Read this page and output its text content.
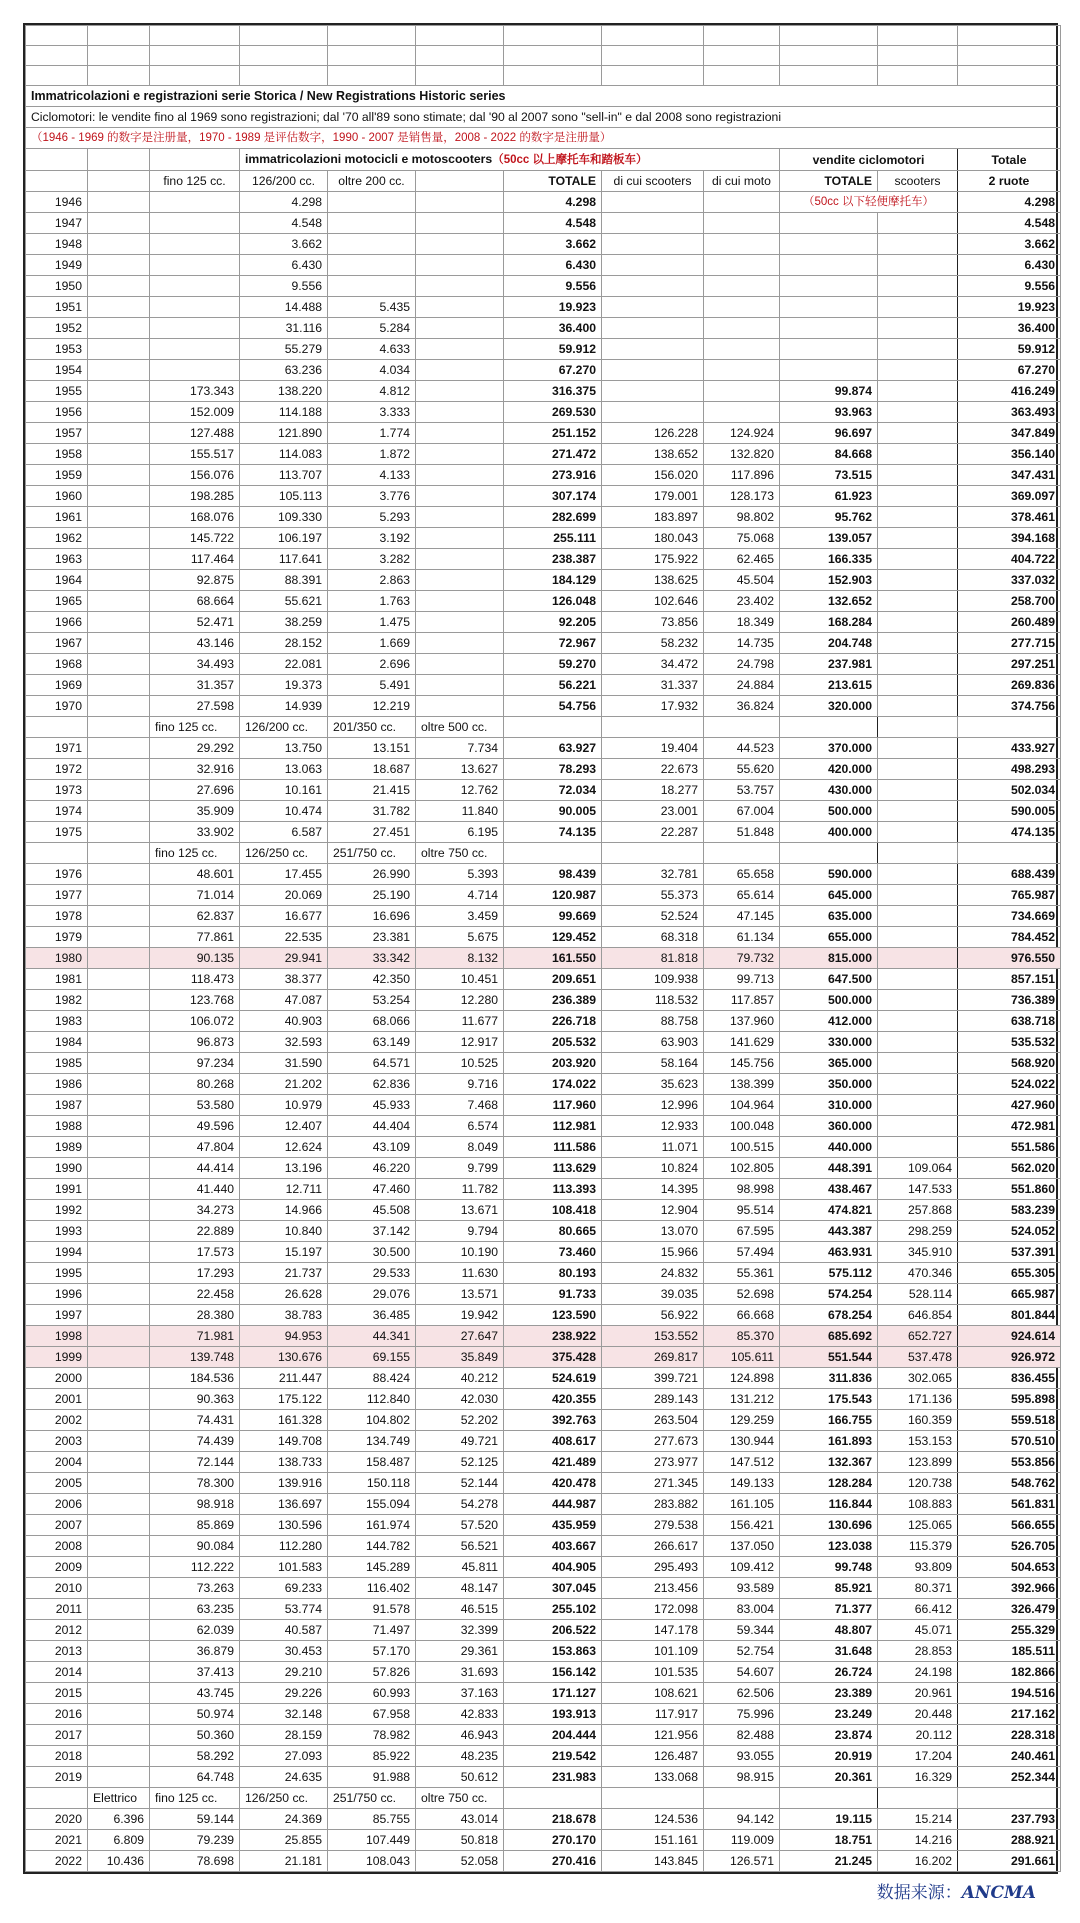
Immatricolazioni e registrazioni serie Storica / New Registrations Historic series											
Ciclomotori: le vendite fino al 1969 sono registrazioni; dal '70 all'89 sono stimate; dal '90 al 2007 sono "sell-in" e dal 2008 sono registrazioni											
（1946 - 1969 的数字是注册量，1970 - 1989 是评估数字，1990 - 2007 是销售量，2008 - 2022 的数字是注册量）											
			immatricolazioni motocicli e motoscooters（50cc 以上摩托车和踏板车）						vendite ciclomotori		Totale
		fino 125 cc.	126/200 cc.	oltre 200 cc.		TOTALE	di cui scooters	di cui moto	TOTALE	scooters	2 ruote
1946			4.298			4.298			（50cc 以下轻便摩托车）		4.298
1947			4.548			4.548					4.548
1948			3.662			3.662					3.662
1949			6.430			6.430					6.430
1950			9.556			9.556					9.556
1951			14.488	5.435		19.923					19.923
1952			31.116	5.284		36.400					36.400
1953			55.279	4.633		59.912					59.912
1954			63.236	4.034		67.270					67.270
1955		173.343	138.220	4.812		316.375			99.874		416.249
1956		152.009	114.188	3.333		269.530			93.963		363.493
1957		127.488	121.890	1.774		251.152	126.228	124.924	96.697		347.849
1958		155.517	114.083	1.872		271.472	138.652	132.820	84.668		356.140
1959		156.076	113.707	4.133		273.916	156.020	117.896	73.515		347.431
1960		198.285	105.113	3.776		307.174	179.001	128.173	61.923		369.097
1961		168.076	109.330	5.293		282.699	183.897	98.802	95.762		378.461
1962		145.722	106.197	3.192		255.111	180.043	75.068	139.057		394.168
1963		117.464	117.641	3.282		238.387	175.922	62.465	166.335		404.722
1964		92.875	88.391	2.863		184.129	138.625	45.504	152.903		337.032
1965		68.664	55.621	1.763		126.048	102.646	23.402	132.652		258.700
1966		52.471	38.259	1.475		92.205	73.856	18.349	168.284		260.489
1967		43.146	28.152	1.669		72.967	58.232	14.735	204.748		277.715
1968		34.493	22.081	2.696		59.270	34.472	24.798	237.981		297.251
1969		31.357	19.373	5.491		56.221	31.337	24.884	213.615		269.836
1970		27.598	14.939	12.219		54.756	17.932	36.824	320.000		374.756
		fino 125 cc.	126/200 cc.	201/350 cc.	oltre 500 cc.						
1971		29.292	13.750	13.151	7.734	63.927	19.404	44.523	370.000		433.927
1972		32.916	13.063	18.687	13.627	78.293	22.673	55.620	420.000		498.293
1973		27.696	10.161	21.415	12.762	72.034	18.277	53.757	430.000		502.034
1974		35.909	10.474	31.782	11.840	90.005	23.001	67.004	500.000		590.005
1975		33.902	6.587	27.451	6.195	74.135	22.287	51.848	400.000		474.135
		fino 125 cc.	126/250 cc.	251/750 cc.	oltre 750 cc.						
1976		48.601	17.455	26.990	5.393	98.439	32.781	65.658	590.000		688.439
1977		71.014	20.069	25.190	4.714	120.987	55.373	65.614	645.000		765.987
1978		62.837	16.677	16.696	3.459	99.669	52.524	47.145	635.000		734.669
1979		77.861	22.535	23.381	5.675	129.452	68.318	61.134	655.000		784.452
1980		90.135	29.941	33.342	8.132	161.550	81.818	79.732	815.000		976.550
1981		118.473	38.377	42.350	10.451	209.651	109.938	99.713	647.500		857.151
1982		123.768	47.087	53.254	12.280	236.389	118.532	117.857	500.000		736.389
1983		106.072	40.903	68.066	11.677	226.718	88.758	137.960	412.000		638.718
1984		96.873	32.593	63.149	12.917	205.532	63.903	141.629	330.000		535.532
1985		97.234	31.590	64.571	10.525	203.920	58.164	145.756	365.000		568.920
1986		80.268	21.202	62.836	9.716	174.022	35.623	138.399	350.000		524.022
1987		53.580	10.979	45.933	7.468	117.960	12.996	104.964	310.000		427.960
1988		49.596	12.407	44.404	6.574	112.981	12.933	100.048	360.000		472.981
1989		47.804	12.624	43.109	8.049	111.586	11.071	100.515	440.000		551.586
1990		44.414	13.196	46.220	9.799	113.629	10.824	102.805	448.391	109.064	562.020
1991		41.440	12.711	47.460	11.782	113.393	14.395	98.998	438.467	147.533	551.860
1992		34.273	14.966	45.508	13.671	108.418	12.904	95.514	474.821	257.868	583.239
1993		22.889	10.840	37.142	9.794	80.665	13.070	67.595	443.387	298.259	524.052
1994		17.573	15.197	30.500	10.190	73.460	15.966	57.494	463.931	345.910	537.391
1995		17.293	21.737	29.533	11.630	80.193	24.832	55.361	575.112	470.346	655.305
1996		22.458	26.628	29.076	13.571	91.733	39.035	52.698	574.254	528.114	665.987
1997		28.380	38.783	36.485	19.942	123.590	56.922	66.668	678.254	646.854	801.844
1998		71.981	94.953	44.341	27.647	238.922	153.552	85.370	685.692	652.727	924.614
1999		139.748	130.676	69.155	35.849	375.428	269.817	105.611	551.544	537.478	926.972
2000		184.536	211.447	88.424	40.212	524.619	399.721	124.898	311.836	302.065	836.455
2001		90.363	175.122	112.840	42.030	420.355	289.143	131.212	175.543	171.136	595.898
2002		74.431	161.328	104.802	52.202	392.763	263.504	129.259	166.755	160.359	559.518
2003		74.439	149.708	134.749	49.721	408.617	277.673	130.944	161.893	153.153	570.510
2004		72.144	138.733	158.487	52.125	421.489	273.977	147.512	132.367	123.899	553.856
2005		78.300	139.916	150.118	52.144	420.478	271.345	149.133	128.284	120.738	548.762
2006		98.918	136.697	155.094	54.278	444.987	283.882	161.105	116.844	108.883	561.831
2007		85.869	130.596	161.974	57.520	435.959	279.538	156.421	130.696	125.065	566.655
2008		90.084	112.280	144.782	56.521	403.667	266.617	137.050	123.038	115.379	526.705
2009		112.222	101.583	145.289	45.811	404.905	295.493	109.412	99.748	93.809	504.653
2010		73.263	69.233	116.402	48.147	307.045	213.456	93.589	85.921	80.371	392.966
2011		63.235	53.774	91.578	46.515	255.102	172.098	83.004	71.377	66.412	326.479
2012		62.039	40.587	71.497	32.399	206.522	147.178	59.344	48.807	45.071	255.329
2013		36.879	30.453	57.170	29.361	153.863	101.109	52.754	31.648	28.853	185.511
2014		37.413	29.210	57.826	31.693	156.142	101.535	54.607	26.724	24.198	182.866
2015		43.745	29.226	60.993	37.163	171.127	108.621	62.506	23.389	20.961	194.516
2016		50.974	32.148	67.958	42.833	193.913	117.917	75.996	23.249	20.448	217.162
2017		50.360	28.159	78.982	46.943	204.444	121.956	82.488	23.874	20.112	228.318
2018		58.292	27.093	85.922	48.235	219.542	126.487	93.055	20.919	17.204	240.461
2019		64.748	24.635	91.988	50.612	231.983	133.068	98.915	20.361	16.329	252.344
	Elettrico	fino 125 cc.	126/250 cc.	251/750 cc.	oltre 750 cc.						
2020	6.396	59.144	24.369	85.755	43.014	218.678	124.536	94.142	19.115	15.214	237.793
2021	6.809	79.239	25.855	107.449	50.818	270.170	151.161	119.009	18.751	14.216	288.921
2022	10.436	78.698	21.181	108.043	52.058	270.416	143.845	126.571	21.245	16.202	291.661
数据来源：ANCMA
